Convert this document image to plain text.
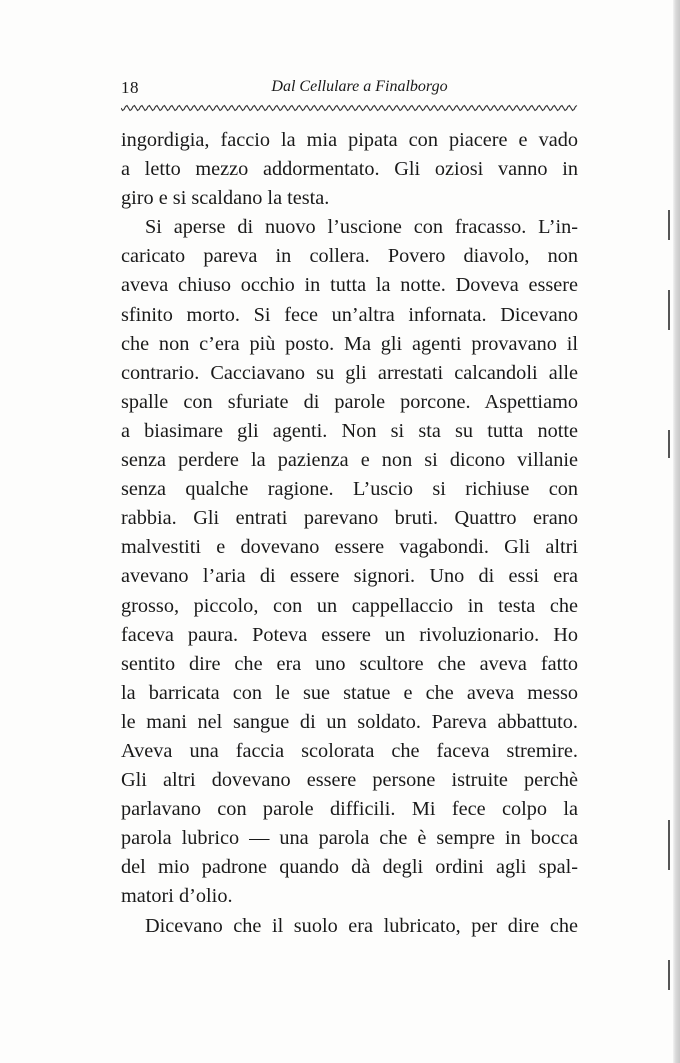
18	Dal Cellulare a Finalborgo
ingordigia, faccio la mia pipata con piacere e vado
a letto mezzo addormentato. Gli oziosi vanno in
giro e si scaldano la testa.
Si aperse di nuovo l’uscione con fracasso. L’in-
caricato pareva in collera. Povero diavolo, non
aveva chiuso occhio in tutta la notte. Doveva essere
sfinito morto. Si fece un’altra infornata. Dicevano
che non c’era più posto. Ma gli agenti provavano il
contrario. Cacciavano su gli arrestati calcandoli alle
spalle con sfuriate di parole porcone. Aspettiamo
a biasimare gli agenti. Non si sta su tutta notte
senza perdere la pazienza e non si dicono villanie
senza qualche ragione. L’uscio si richiuse con
rabbia. Gli entrati parevano bruti. Quattro erano
malvestiti e dovevano essere vagabondi. Gli altri
avevano l’aria di essere signori. Uno di essi era
grosso, piccolo, con un cappellaccio in testa che
faceva paura. Poteva essere un rivoluzionario. Ho
sentito dire che era uno scultore che aveva fatto
la barricata con le sue statue e che aveva messo
le mani nel sangue di un soldato. Pareva abbattuto.
Aveva una faccia scolorata che faceva stremire.
Gli altri dovevano essere persone istruite perchè
parlavano con parole difficili. Mi fece colpo la
parola lubrico — una parola che è sempre in bocca
del mio padrone quando dà degli ordini agli spal-
matori d’olio.
Dicevano che il suolo era lubricato, per dire che
